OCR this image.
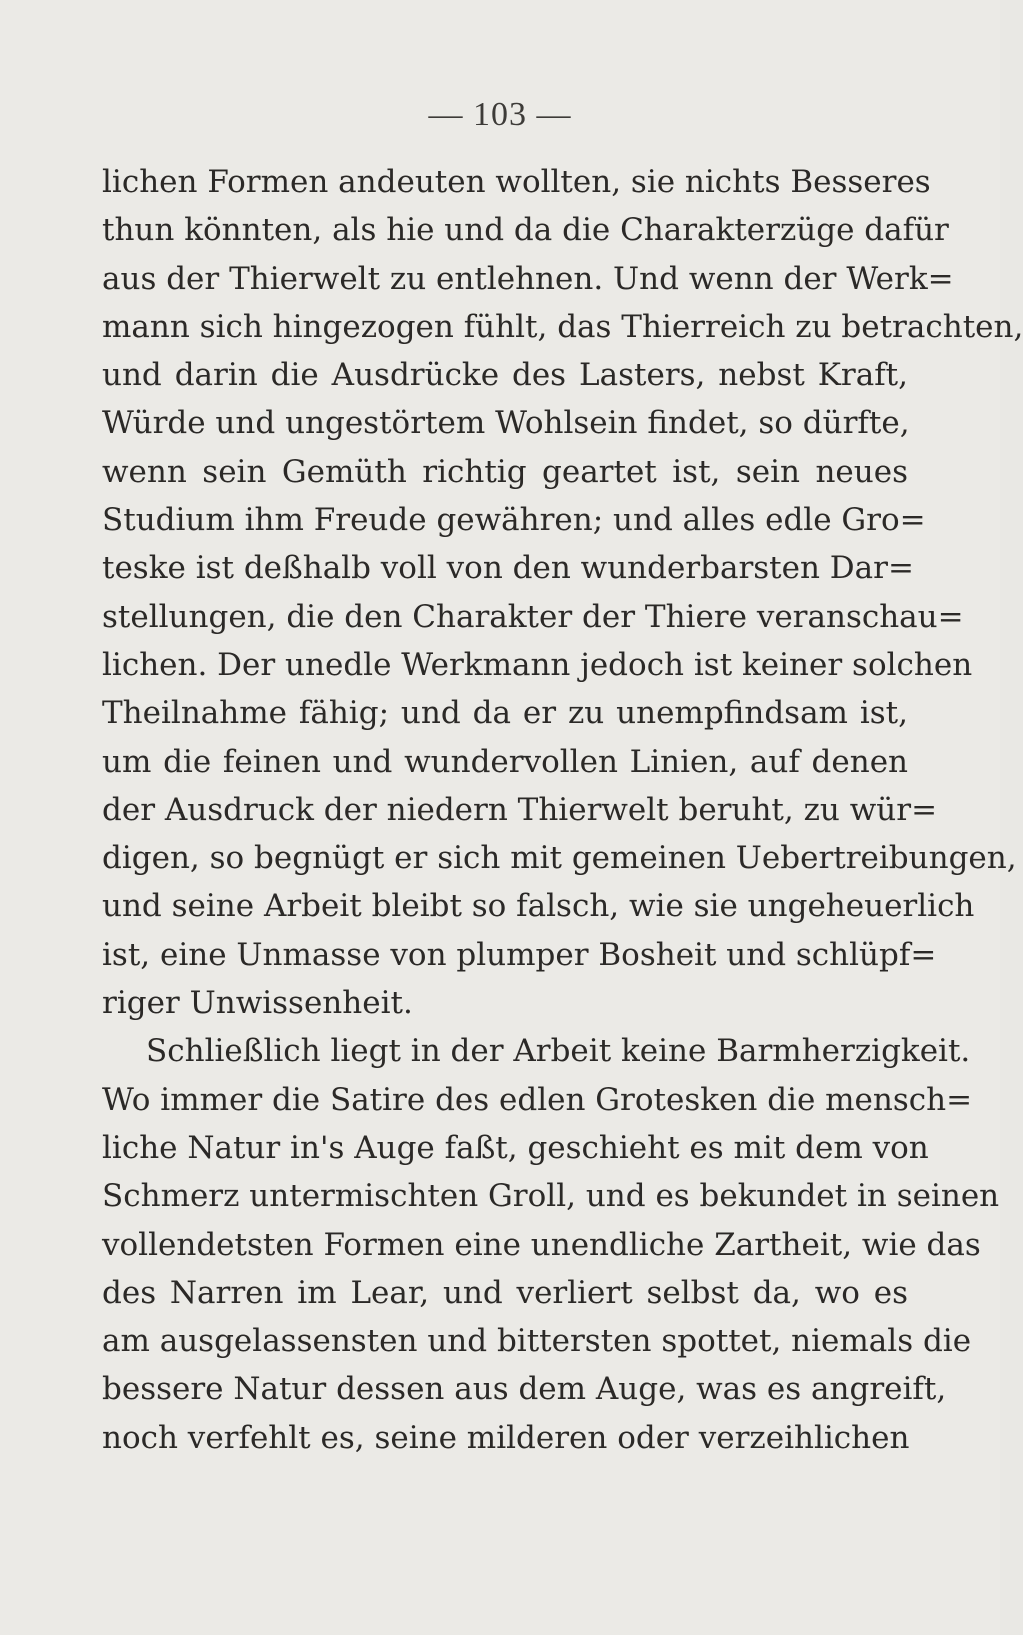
— 103 —
lichen Formen andeuten wollten, sie nichts Besseres
thun könnten, als hie und da die Charakterzüge dafür
aus der Thierwelt zu entlehnen. Und wenn der Werk=
mann sich hingezogen fühlt, das Thierreich zu betrachten,
und darin die Ausdrücke des Lasters, nebst Kraft,
Würde und ungestörtem Wohlsein findet, so dürfte,
wenn sein Gemüth richtig geartet ist, sein neues
Studium ihm Freude gewähren; und alles edle Gro=
teske ist deßhalb voll von den wunderbarsten Dar=
stellungen, die den Charakter der Thiere veranschau=
lichen. Der unedle Werkmann jedoch ist keiner solchen
Theilnahme fähig; und da er zu unempfindsam ist,
um die feinen und wundervollen Linien, auf denen
der Ausdruck der niedern Thierwelt beruht, zu wür=
digen, so begnügt er sich mit gemeinen Uebertreibungen,
und seine Arbeit bleibt so falsch, wie sie ungeheuerlich
ist, eine Unmasse von plumper Bosheit und schlüpf=
riger Unwissenheit.
Schließlich liegt in der Arbeit keine Barmherzigkeit.
Wo immer die Satire des edlen Grotesken die mensch=
liche Natur in's Auge faßt, geschieht es mit dem von
Schmerz untermischten Groll, und es bekundet in seinen
vollendetsten Formen eine unendliche Zartheit, wie das
des Narren im Lear, und verliert selbst da, wo es
am ausgelassensten und bittersten spottet, niemals die
bessere Natur dessen aus dem Auge, was es angreift,
noch verfehlt es, seine milderen oder verzeihlichen
